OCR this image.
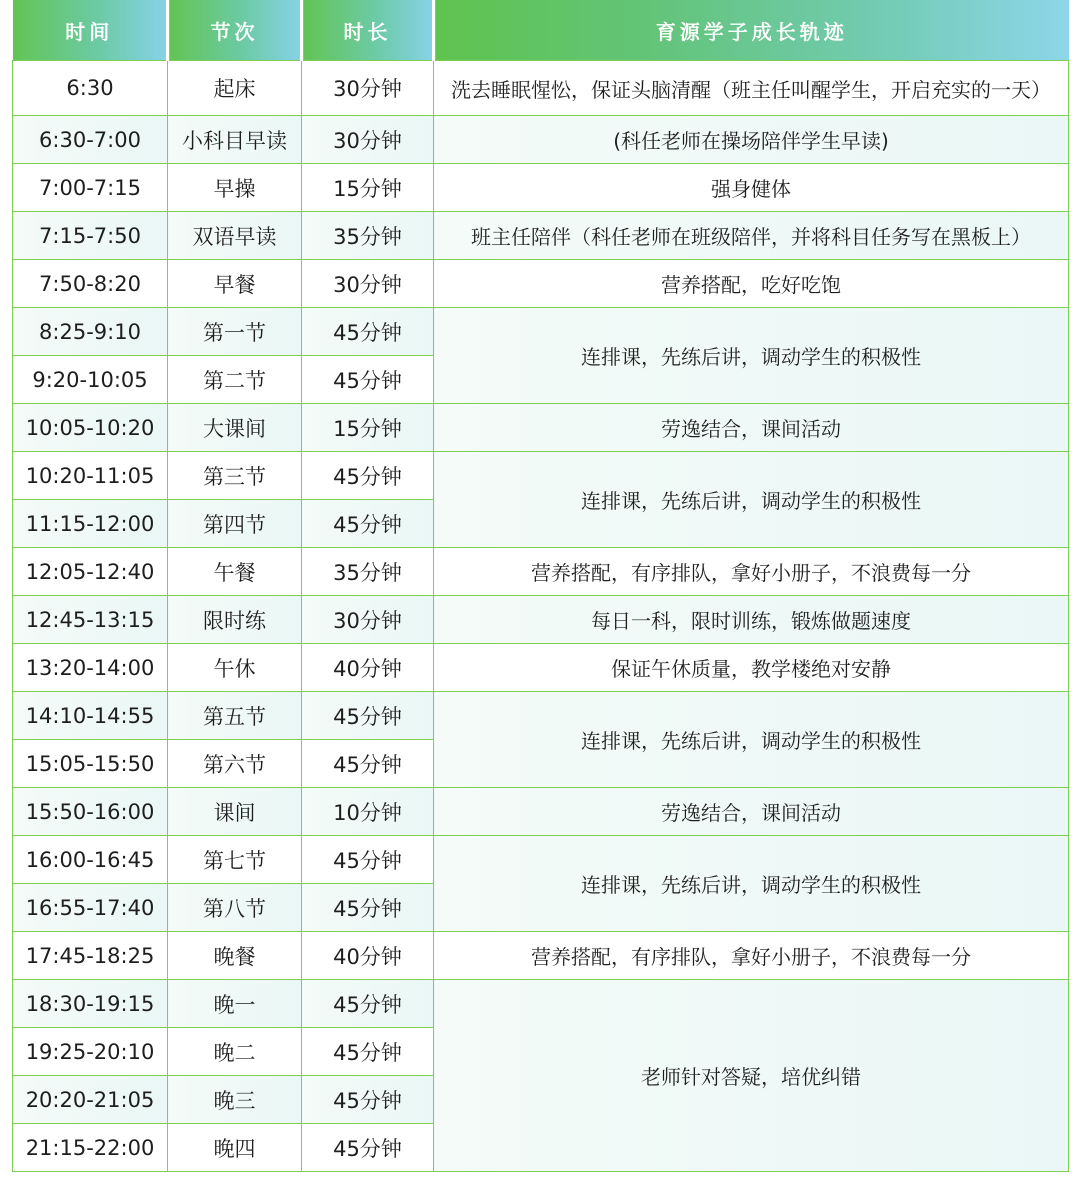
时间	节次	时长	育源学子成长轨迹
6:30	起床	30分钟	洗去睡眠惺忪，保证头脑清醒（班主任叫醒学生，开启充实的一天）
6:30-7:00	小科目早读	30分钟	(科任老师在操场陪伴学生早读)
7:00-7:15	早操	15分钟	强身健体
7:15-7:50	双语早读	35分钟	班主任陪伴（科任老师在班级陪伴，并将科目任务写在黑板上）
7:50-8:20	早餐	30分钟	营养搭配，吃好吃饱
8:25-9:10	第一节	45分钟	连排课，先练后讲，调动学生的积极性
9:20-10:05	第二节	45分钟	
10:05-10:20	大课间	15分钟	劳逸结合，课间活动
10:20-11:05	第三节	45分钟	连排课，先练后讲，调动学生的积极性
11:15-12:00	第四节	45分钟	
12:05-12:40	午餐	35分钟	营养搭配，有序排队，拿好小册子，不浪费每一分
12:45-13:15	限时练	30分钟	每日一科，限时训练，锻炼做题速度
13:20-14:00	午休	40分钟	保证午休质量，教学楼绝对安静
14:10-14:55	第五节	45分钟	连排课，先练后讲，调动学生的积极性
15:05-15:50	第六节	45分钟	
15:50-16:00	课间	10分钟	劳逸结合，课间活动
16:00-16:45	第七节	45分钟	连排课，先练后讲，调动学生的积极性
16:55-17:40	第八节	45分钟	
17:45-18:25	晚餐	40分钟	营养搭配，有序排队，拿好小册子，不浪费每一分
18:30-19:15	晚一	45分钟	老师针对答疑，培优纠错
19:25-20:10	晚二	45分钟	
20:20-21:05	晚三	45分钟	
21:15-22:00	晚四	45分钟	
